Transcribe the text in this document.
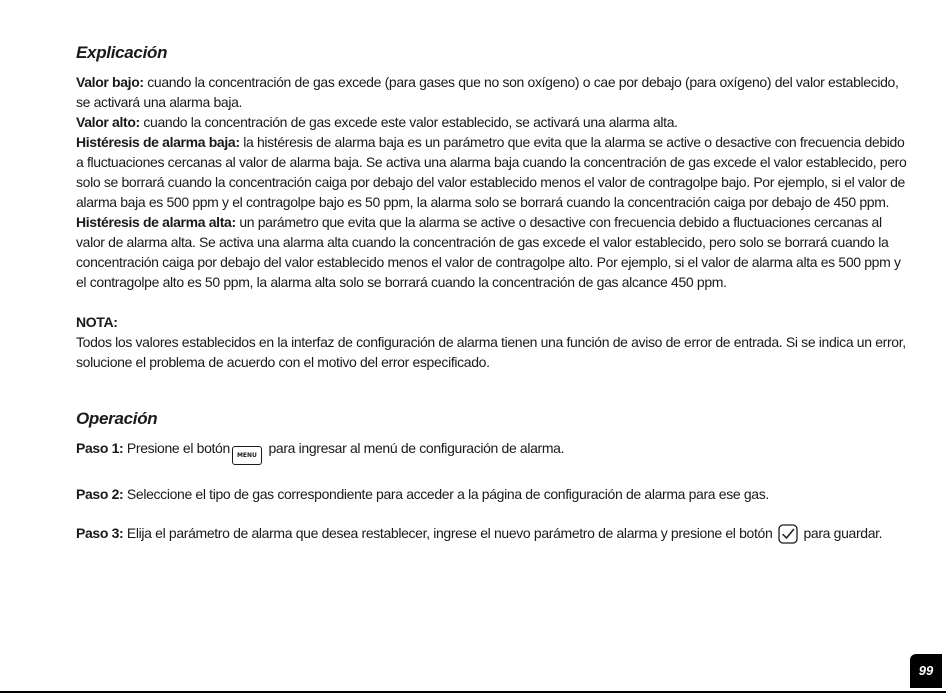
Explicación

Valor bajo: cuando la concentración de gas excede (para gases que no son oxígeno) o cae por debajo (para oxígeno) del valor establecido, se activará una alarma baja.

Valor alto: cuando la concentración de gas excede este valor establecido, se activará una alarma alta.

Histéresis de alarma baja: la histéresis de alarma baja es un parámetro que evita que la alarma se active o desactive con frecuencia debido a fluctuaciones cercanas al valor de alarma baja. Se activa una alarma baja cuando la concentración de gas excede el valor establecido, pero solo se borrará cuando la concentración caiga por debajo del valor establecido menos el valor de contragolpe bajo. Por ejemplo, si el valor de alarma baja es 500 ppm y el contragolpe bajo es 50 ppm, la alarma solo se borrará cuando la concentración caiga por debajo de 450 ppm.

Histéresis de alarma alta: un parámetro que evita que la alarma se active o desactive con frecuencia debido a fluctuaciones cercanas al valor de alarma alta. Se activa una alarma alta cuando la concentración de gas excede el valor establecido, pero solo se borrará cuando la concentración caiga por debajo del valor establecido menos el valor de contragolpe alto. Por ejemplo, si el valor de alarma alta es 500 ppm y el contragolpe alto es 50 ppm, la alarma alta solo se borrará cuando la concentración de gas alcance 450 ppm.

NOTA:

Todos los valores establecidos en la interfaz de configuración de alarma tienen una función de aviso de error de entrada. Si se indica un error, solucione el problema de acuerdo con el motivo del error especificado.

Operación

Paso 1: Presione el botón MENU para ingresar al menú de configuración de alarma.

Paso 2: Seleccione el tipo de gas correspondiente para acceder a la página de configuración de alarma para ese gas.

Paso 3: Elija el parámetro de alarma que desea restablecer, ingrese el nuevo parámetro de alarma y presione el botón  para guardar.

99
